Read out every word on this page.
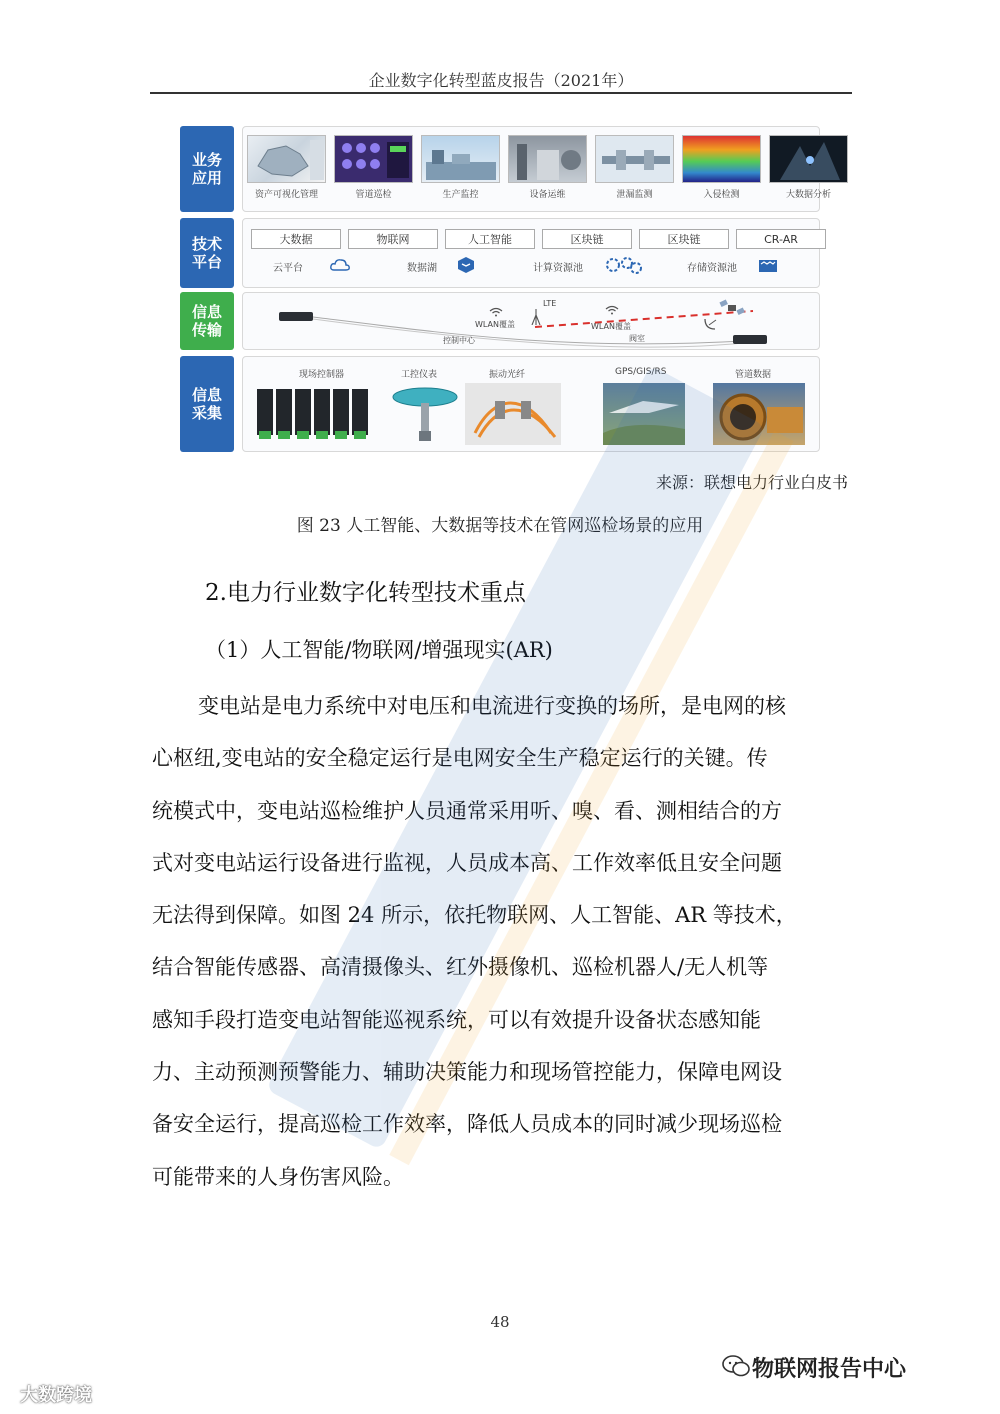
企业数字化转型蓝皮报告（2021年）
业务应用
资产可视化管理	管道巡检	生产监控	设备运维	泄漏监测	入侵检测	大数据分析
技术平台
大数据	物联网	人工智能	区块链	区块链	CR-AR
云平台	数据湖	计算资源池	存储资源池
信息传输
LTE
WLAN覆盖	WLAN覆盖
控制中心	阀室
信息采集
现场控制器	工控仪表	振动光纤	GPS/GIS/RS	管道数据
来源：联想电力行业白皮书
图 23 人工智能、大数据等技术在管网巡检场景的应用
2.电力行业数字化转型技术重点
（1）人工智能/物联网/增强现实(AR)
变电站是电力系统中对电压和电流进行变换的场所，是电网的核
心枢纽,变电站的安全稳定运行是电网安全生产稳定运行的关键。传
统模式中，变电站巡检维护人员通常采用听、嗅、看、测相结合的方
式对变电站运行设备进行监视，人员成本高、工作效率低且安全问题
无法得到保障。如图 24 所示，依托物联网、人工智能、AR 等技术，
结合智能传感器、高清摄像头、红外摄像机、巡检机器人/无人机等
感知手段打造变电站智能巡视系统，可以有效提升设备状态感知能
力、主动预测预警能力、辅助决策能力和现场管控能力，保障电网设
备安全运行，提高巡检工作效率，降低人员成本的同时减少现场巡检
可能带来的人身伤害风险。
48
物联网报告中心
大数跨境
